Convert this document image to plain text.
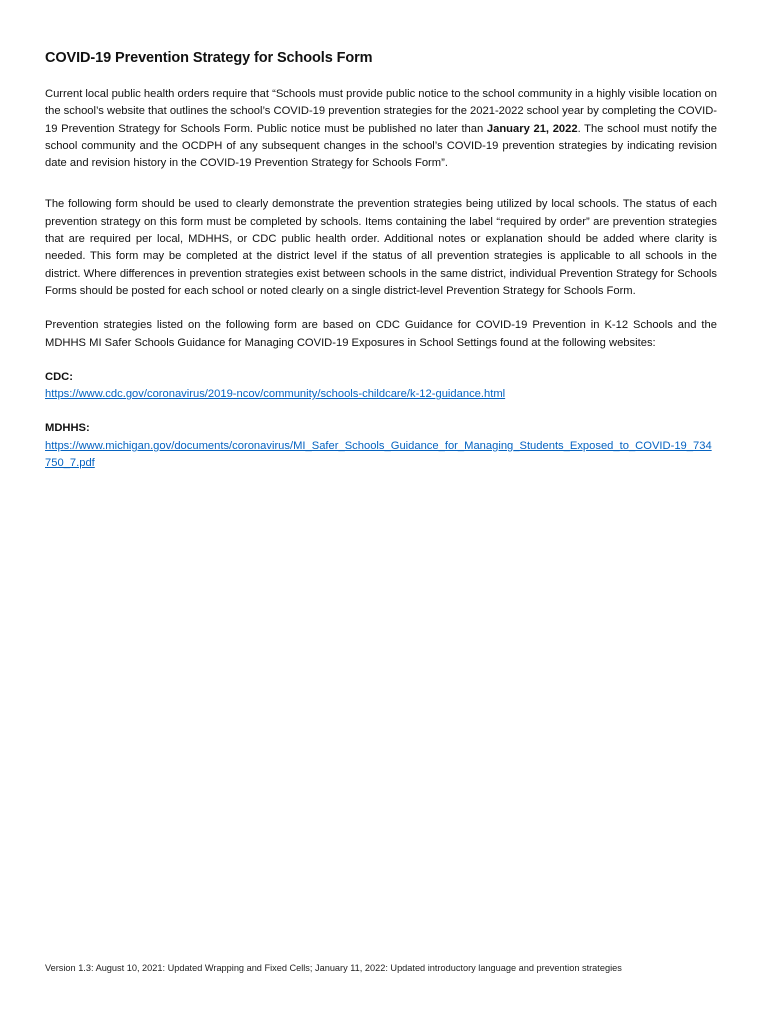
COVID-19 Prevention Strategy for Schools Form

Current local public health orders require that “Schools must provide public notice to the school community in a highly visible location on the school’s website that outlines the school’s COVID-19 prevention strategies for the 2021-2022 school year by completing the COVID-19 Prevention Strategy for Schools Form. Public notice must be published no later than January 21, 2022. The school must notify the school community and the OCDPH of any subsequent changes in the school’s COVID-19 prevention strategies by indicating revision date and revision history in the COVID-19 Prevention Strategy for Schools Form”.

The following form should be used to clearly demonstrate the prevention strategies being utilized by local schools. The status of each prevention strategy on this form must be completed by schools. Items containing the label “required by order” are prevention strategies that are required per local, MDHHS, or CDC public health order. Additional notes or explanation should be added where clarity is needed. This form may be completed at the district level if the status of all prevention strategies is applicable to all schools in the district. Where differences in prevention strategies exist between schools in the same district, individual Prevention Strategy for Schools Forms should be posted for each school or noted clearly on a single district-level Prevention Strategy for Schools Form.

Prevention strategies listed on the following form are based on CDC Guidance for COVID-19 Prevention in K-12 Schools and the MDHHS MI Safer Schools Guidance for Managing COVID-19 Exposures in School Settings found at the following websites:

CDC:
https://www.cdc.gov/coronavirus/2019-ncov/community/schools-childcare/k-12-guidance.html
MDHHS:
https://www.michigan.gov/documents/coronavirus/MI_Safer_Schools_Guidance_for_Managing_Students_Exposed_to_COVID-19_734750_7.pdf
Version 1.3: August 10, 2021: Updated Wrapping and Fixed Cells; January 11, 2022: Updated introductory language and prevention strategies
